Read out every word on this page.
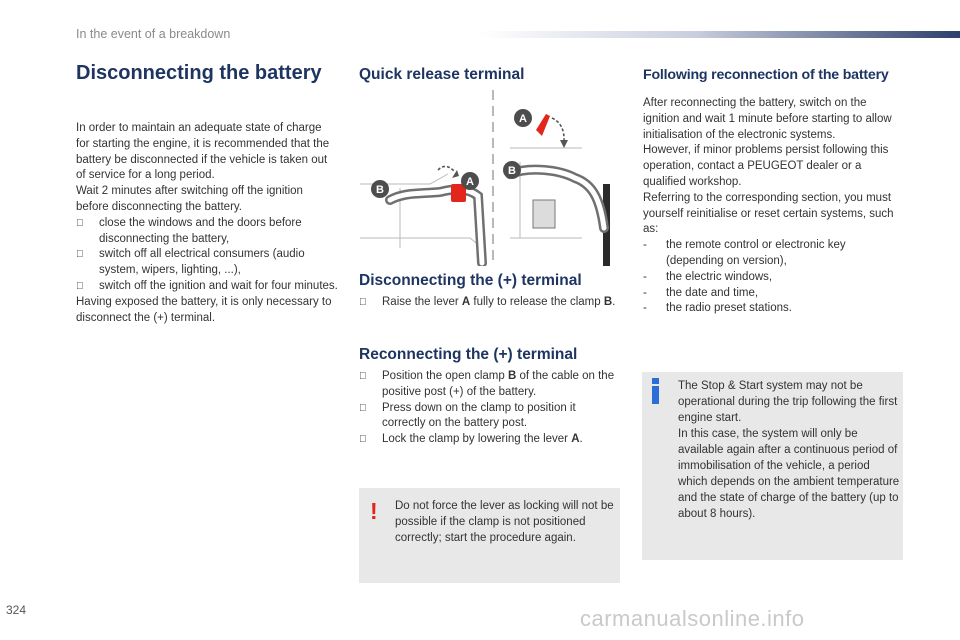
In the event of a breakdown
Disconnecting the battery

In order to maintain an adequate state of charge for starting the engine, it is recommended that the battery be disconnected if the vehicle is taken out of service for a long period.

Wait 2 minutes after switching off the ignition before disconnecting the battery.

close the windows and the doors before disconnecting the battery,

switch off all electrical consumers (audio system, wipers, lighting, ...),

switch off the ignition and wait for four minutes.

Having exposed the battery, it is only necessary to disconnect the (+) terminal.

Quick release terminal
B
A
A
B
Disconnecting the (+) terminal

Raise the lever A fully to release the clamp B.

Reconnecting the (+) terminal

Position the open clamp B of the cable on the positive post (+) of the battery.

Press down on the clamp to position it correctly on the battery post.

Lock the clamp by lowering the lever A.

! Do not force the lever as locking will not be possible if the clamp is not positioned correctly; start the procedure again.
Following reconnection of the battery

After reconnecting the battery, switch on the ignition and wait 1 minute before starting to allow initialisation of the electronic systems.

However, if minor problems persist following this operation, contact a PEUGEOT dealer or a qualified workshop.

Referring to the corresponding section, you must yourself reinitialise or reset certain systems, such as:

- the remote control or electronic key (depending on version),

- the electric windows,

- the date and time,

- the radio preset stations.

The Stop & Start system may not be operational during the trip following the first engine start.
In this case, the system will only be available again after a continuous period of immobilisation of the vehicle, a period which depends on the ambient temperature and the state of charge of the battery (up to about 8 hours).
324	carmanualsonline.info
